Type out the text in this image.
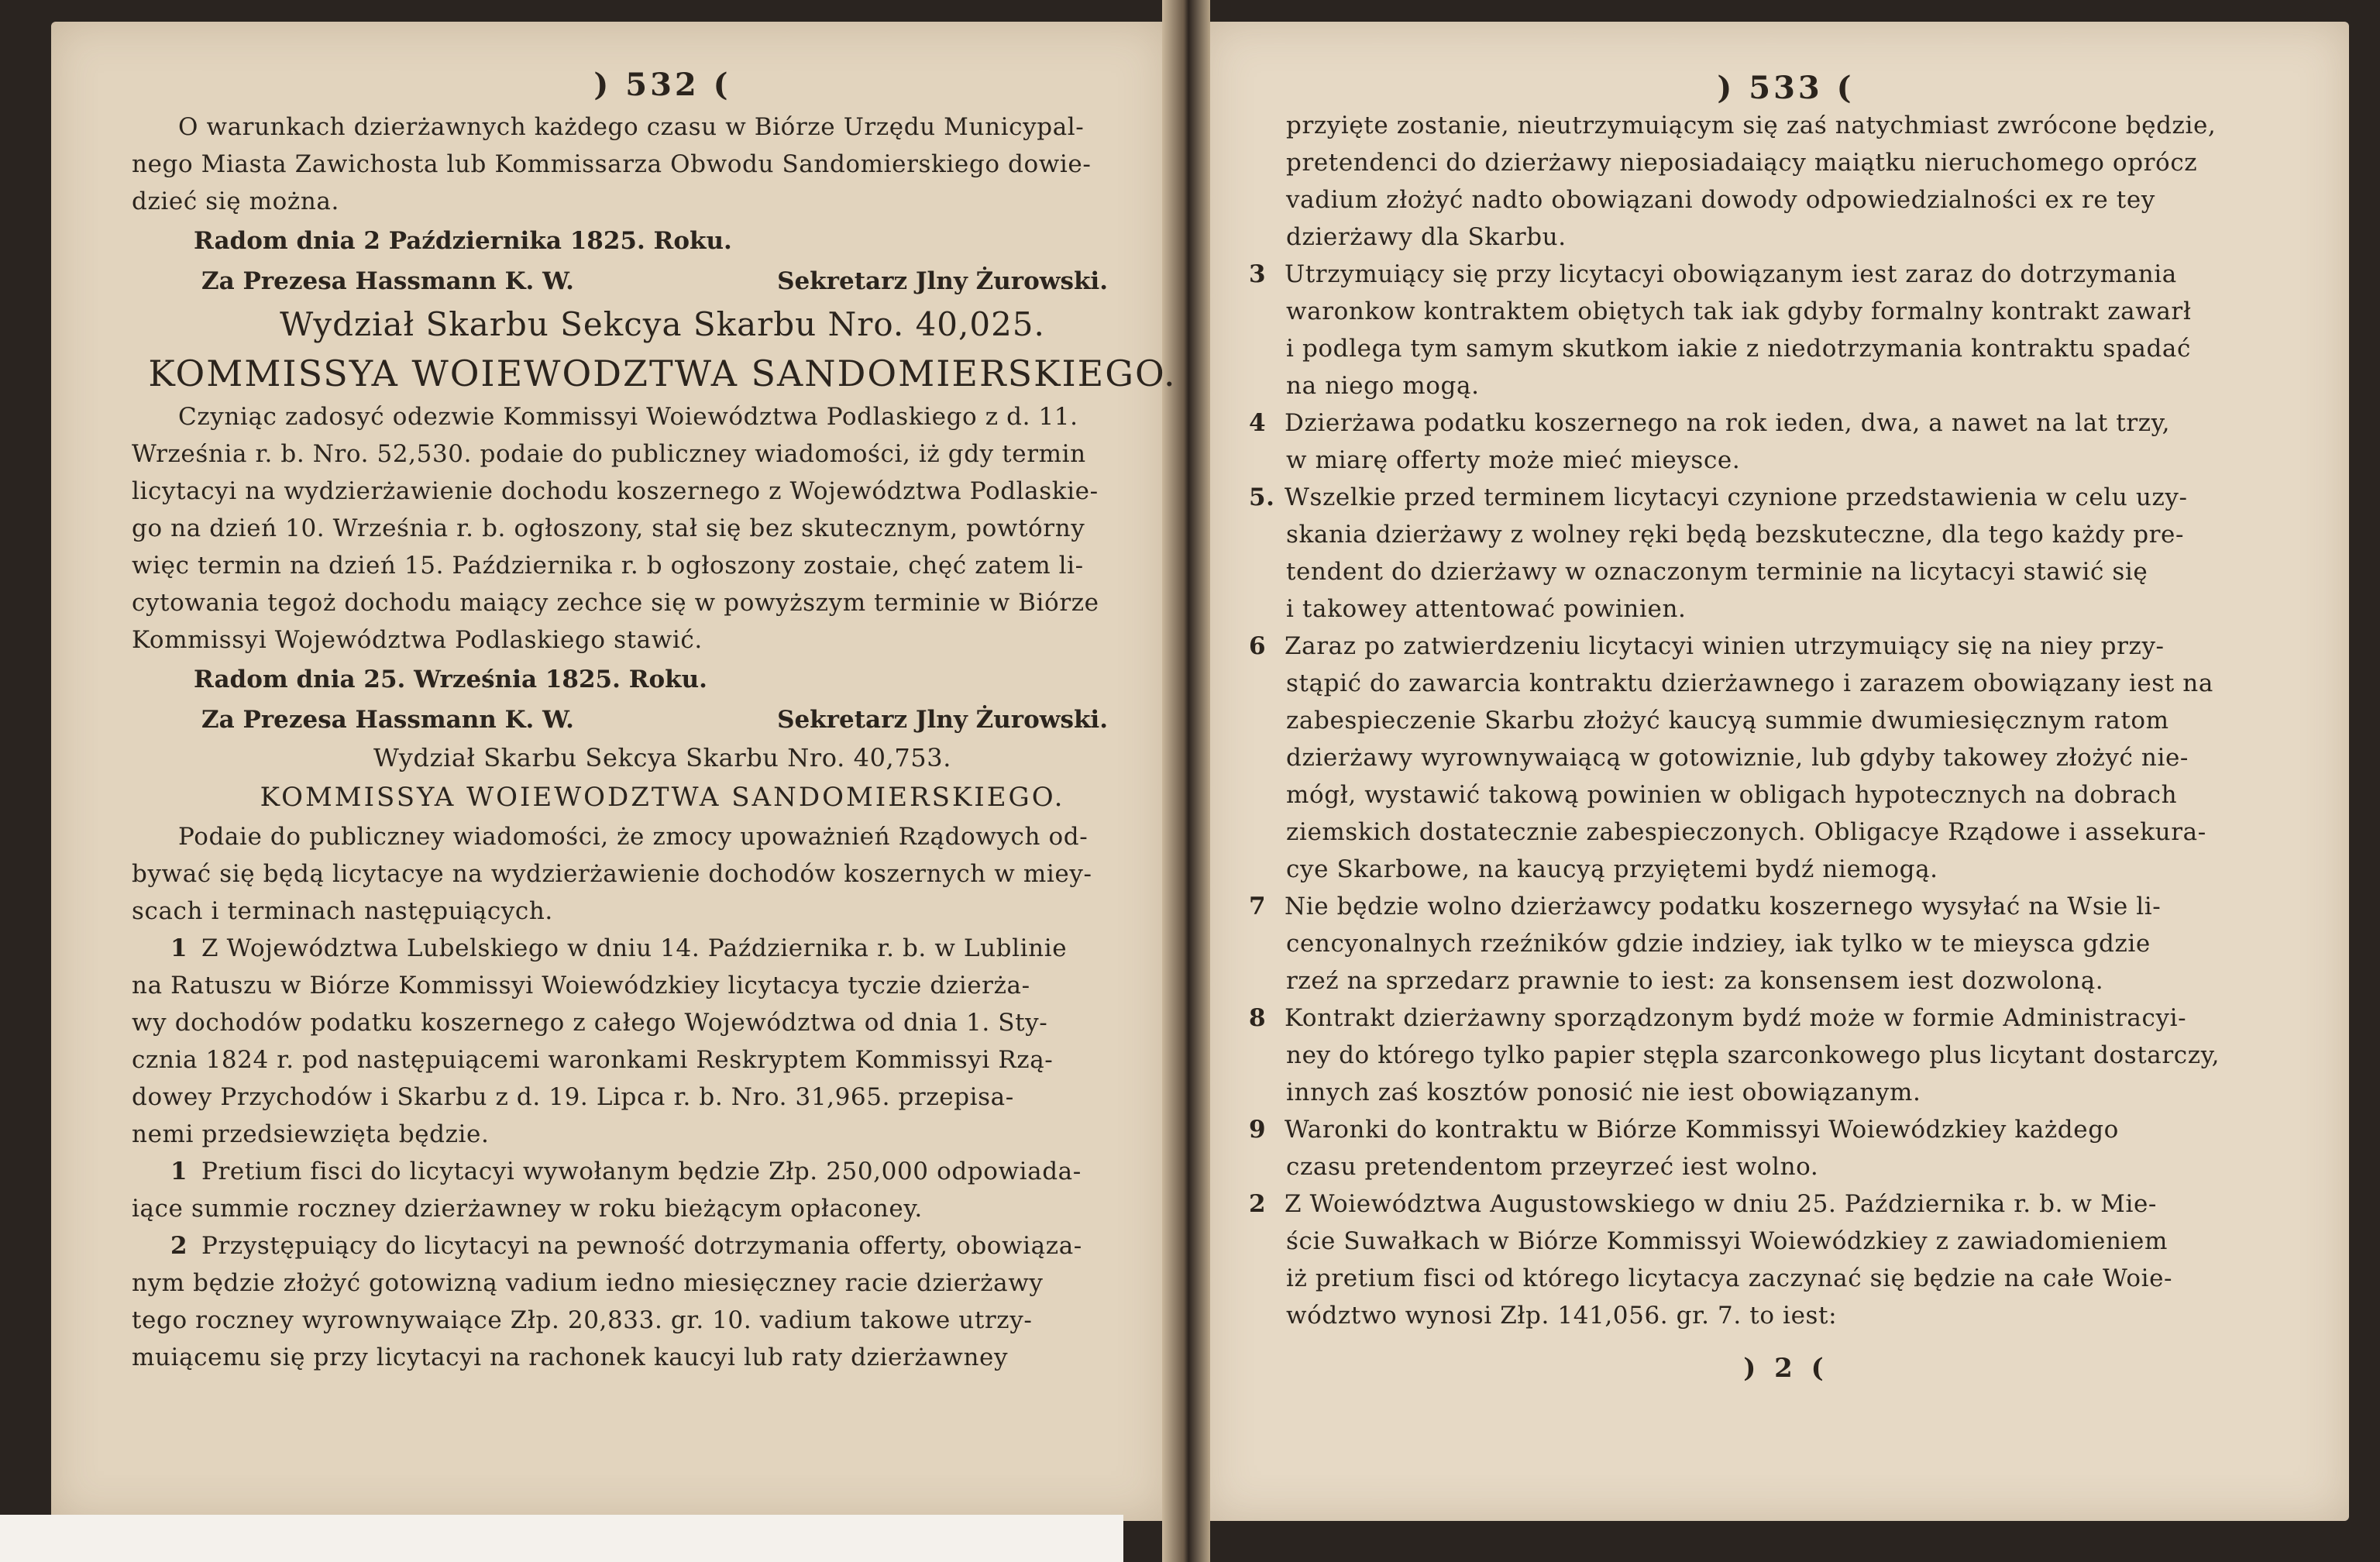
) 532 (
O warunkach dzierżawnych każdego czasu w Biórze Urzędu Municypal-
nego Miasta Zawichosta lub Kommissarza Obwodu Sandomierskiego dowie-
dzieć się można.
Radom dnia 2 Października 1825. Roku.
Za Prezesa Hassmann K. W.	Sekretarz Jlny Żurowski.
Wydział Skarbu Sekcya Skarbu Nro. 40,025.
KOMMISSYA WOIEWODZTWA SANDOMIERSKIEGO.
Czyniąc zadosyć odezwie Kommissyi Woiewództwa Podlaskiego z d. 11.
Września r. b. Nro. 52,530. podaie do publiczney wiadomości, iż gdy termin
licytacyi na wydzierżawienie dochodu koszernego z Województwa Podlaskie-
go na dzień 10. Września r. b. ogłoszony, stał się bez skutecznym, powtórny
więc termin na dzień 15. Października r. b ogłoszony zostaie, chęć zatem li-
cytowania tegoż dochodu maiący zechce się w powyższym terminie w Biórze
Kommissyi Województwa Podlaskiego stawić.
Radom dnia 25. Września 1825. Roku.
Za Prezesa Hassmann K. W.	Sekretarz Jlny Żurowski.
Wydział Skarbu Sekcya Skarbu Nro. 40,753.
KOMMISSYA WOIEWODZTWA SANDOMIERSKIEGO.
Podaie do publiczney wiadomości, że zmocy upoważnień Rządowych od-
bywać się będą licytacye na wydzierżawienie dochodów koszernych w miey-
scach i terminach następuiących.
1 Z Województwa Lubelskiego w dniu 14. Października r. b. w Lublinie
na Ratuszu w Biórze Kommissyi Woiewódzkiey licytacya tyczie dzierża-
wy dochodów podatku koszernego z całego Województwa od dnia 1. Sty-
cznia 1824 r. pod następuiącemi waronkami Reskryptem Kommissyi Rzą-
dowey Przychodów i Skarbu z d. 19. Lipca r. b. Nro. 31,965. przepisa-
nemi przedsiewzięta będzie.
1 Pretium fisci do licytacyi wywołanym będzie Złp. 250,000 odpowiada-
iące summie roczney dzierżawney w roku bieżącym opłaconey.
2 Przystępuiący do licytacyi na pewność dotrzymania offerty, obowiąza-
nym będzie złożyć gotowizną vadium iedno miesięczney racie dzierżawy
tego roczney wyrownywaiące Złp. 20,833. gr. 10. vadium takowe utrzy-
muiącemu się przy licytacyi na rachonek kaucyi lub raty dzierżawney
) 533 (
przyięte zostanie, nieutrzymuiącym się zaś natychmiast zwrócone będzie,
pretendenci do dzierżawy nieposiadaiący maiątku nieruchomego oprócz
vadium złożyć nadto obowiązani dowody odpowiedzialności ex re tey
dzierżawy dla Skarbu.
3 Utrzymuiący się przy licytacyi obowiązanym iest zaraz do dotrzymania
waronkow kontraktem obiętych tak iak gdyby formalny kontrakt zawarł
i podlega tym samym skutkom iakie z niedotrzymania kontraktu spadać
na niego mogą.
4 Dzierżawa podatku koszernego na rok ieden, dwa, a nawet na lat trzy,
w miarę offerty może mieć mieysce.
5. Wszelkie przed terminem licytacyi czynione przedstawienia w celu uzy-
skania dzierżawy z wolney ręki będą bezskuteczne, dla tego każdy pre-
tendent do dzierżawy w oznaczonym terminie na licytacyi stawić się
i takowey attentować powinien.
6 Zaraz po zatwierdzeniu licytacyi winien utrzymuiący się na niey przy-
stąpić do zawarcia kontraktu dzierżawnego i zarazem obowiązany iest na
zabespieczenie Skarbu złożyć kaucyą summie dwumiesięcznym ratom
dzierżawy wyrownywaiącą w gotowiznie, lub gdyby takowey złożyć nie-
mógł, wystawić takową powinien w obligach hypotecznych na dobrach
ziemskich dostatecznie zabespieczonych. Obligacye Rządowe i assekura-
cye Skarbowe, na kaucyą przyiętemi bydź niemogą.
7 Nie będzie wolno dzierżawcy podatku koszernego wysyłać na Wsie li-
cencyonalnych rzeźników gdzie indziey, iak tylko w te mieysca gdzie
rzeź na sprzedarz prawnie to iest: za konsensem iest dozwoloną.
8 Kontrakt dzierżawny sporządzonym bydź może w formie Administracyi-
ney do którego tylko papier stępla szarconkowego plus licytant dostarczy,
innych zaś kosztów ponosić nie iest obowiązanym.
9 Waronki do kontraktu w Biórze Kommissyi Woiewódzkiey każdego
czasu pretendentom przeyrzeć iest wolno.
2 Z Woiewództwa Augustowskiego w dniu 25. Października r. b. w Mie-
ście Suwałkach w Biórze Kommissyi Woiewódzkiey z zawiadomieniem
iż pretium fisci od którego licytacya zaczynać się będzie na całe Woie-
wództwo wynosi Złp. 141,056. gr. 7. to iest:
) 2 (
